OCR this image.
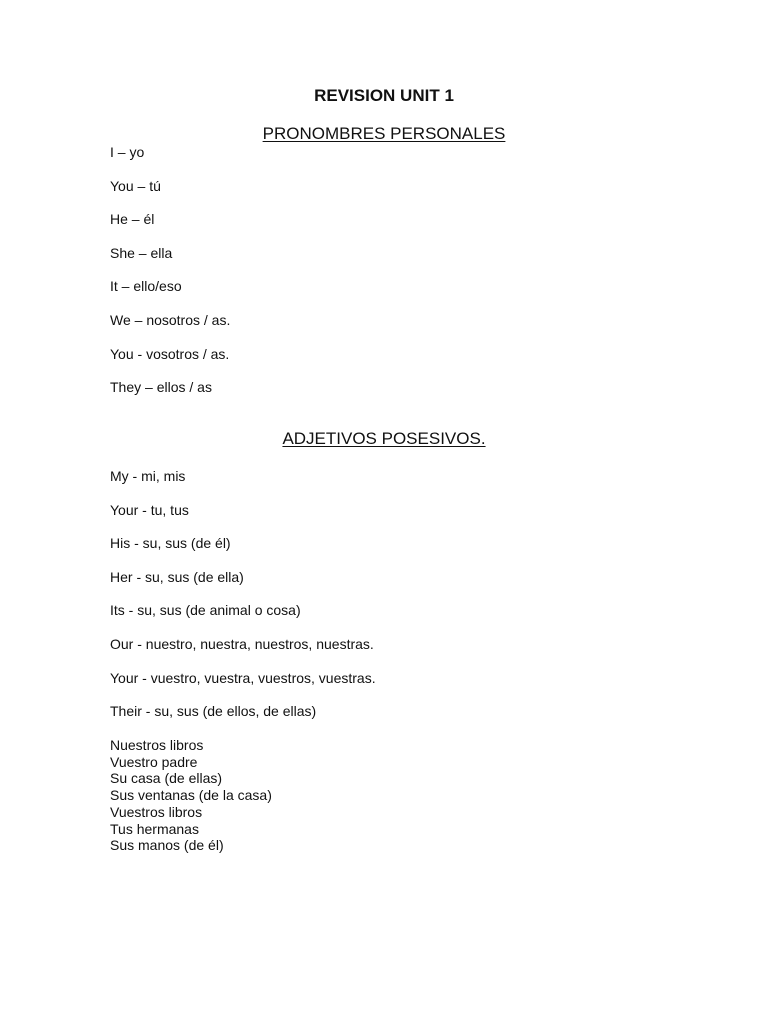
REVISION UNIT 1
PRONOMBRES PERSONALES
I – yo
You – tú
He – él
She – ella
It – ello/eso
We – nosotros / as.
You - vosotros / as.
They – ellos / as
ADJETIVOS POSESIVOS.
My - mi, mis
Your - tu, tus
His - su, sus (de él)
Her - su, sus (de ella)
Its - su, sus (de animal o cosa)
Our - nuestro, nuestra, nuestros, nuestras.
Your - vuestro, vuestra, vuestros, vuestras.
Their - su, sus (de ellos, de ellas)
Nuestros libros
Vuestro padre
Su casa (de ellas)
Sus ventanas (de la casa)
Vuestros libros
Tus hermanas
Sus manos (de él)
